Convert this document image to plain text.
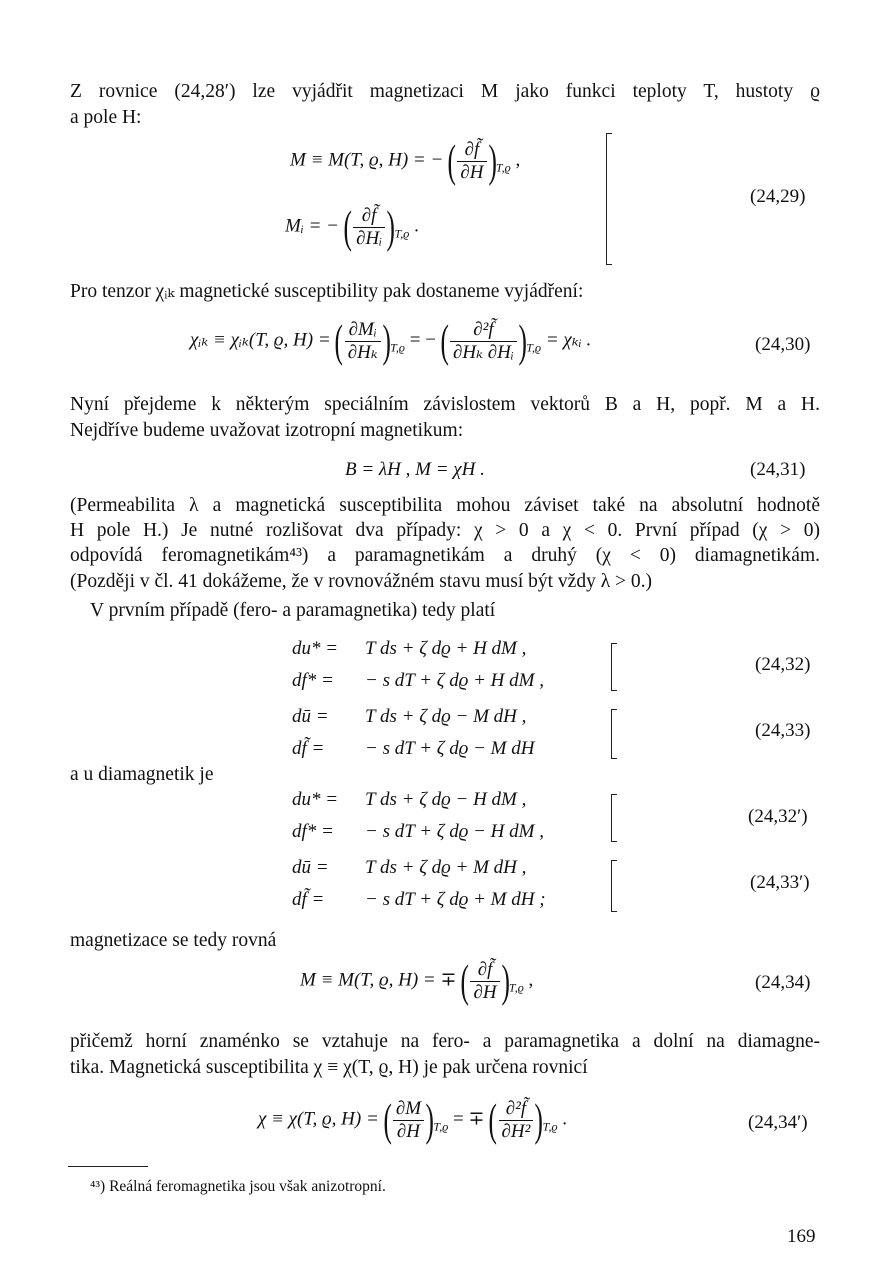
Z rovnice (24,28′) lze vyjádřit magnetizaci M jako funkci teploty T, hustoty ϱ
a pole H:
M ≡ M(T, ϱ, H) = − ( $\frac{\partial f̃}{\partial H} )_{T,ϱ}$ ,
Mᵢ = − ( $\frac{\partial f̃}{\text{∂Hᵢ}} )_{T,ϱ}$ .
(24,29)
Pro tenzor χᵢₖ magnetické susceptibility pak dostaneme vyjádření:
χᵢₖ ≡ χᵢₖ(T, ϱ, H) = ( $\frac{\text{∂Mᵢ}}{\text{∂Hₖ}} )_{T,ϱ}$ = − ( $\frac{\text{∂²f̃}}{\text{∂Hₖ ∂Hᵢ}} )_{T,ϱ}$ = χₖᵢ .	(24,30)
Nyní přejdeme k některým speciálním závislostem vektorů B a H, popř. M a H.
Nejdříve budeme uvažovat izotropní magnetikum:
B = λH , M = χH .	(24,31)
(Permeabilita λ a magnetická susceptibilita mohou záviset také na absolutní hodnotě
H pole H.) Je nutné rozlišovat dva případy: χ > 0 a χ < 0. První případ (χ > 0)
odpovídá feromagnetikám⁴³) a paramagnetikám a druhý (χ < 0) diamagnetikám.
(Později v čl. 41 dokážeme, že v rovnovážném stavu musí být vždy λ > 0.)
V prvním případě (fero- a paramagnetika) tedy platí
du* = T ds + ζ dϱ + H dM ,
df* = − s dT + ζ dϱ + H dM ,
(24,32)
dū = T ds + ζ dϱ − M dH ,
df̃ = − s dT + ζ dϱ − M dH
(24,33)
a u diamagnetik je
du* = T ds + ζ dϱ − H dM ,
df* = − s dT + ζ dϱ − H dM ,
(24,32′)
dū = T ds + ζ dϱ + M dH ,
df̃ = − s dT + ζ dϱ + M dH ;
(24,33′)
magnetizace se tedy rovná
M ≡ M(T, ϱ, H) = ∓ ( $\frac{\partial f̃}{\partial H} )_{T,ϱ}$ ,	(24,34)
přičemž horní znaménko se vztahuje na fero- a paramagnetika a dolní na diamagne-
tika. Magnetická susceptibilita χ ≡ χ(T, ϱ, H) je pak určena rovnicí
χ ≡ χ(T, ϱ, H) = ( $\frac{\partial M}{\partial H} )_{T,ϱ}$ = ∓ ( $\frac{\text{∂²f̃}}{\text{∂H²}} )_{T,ϱ}$ .	(24,34′)
⁴³) Reálná feromagnetika jsou však anizotropní.
169
